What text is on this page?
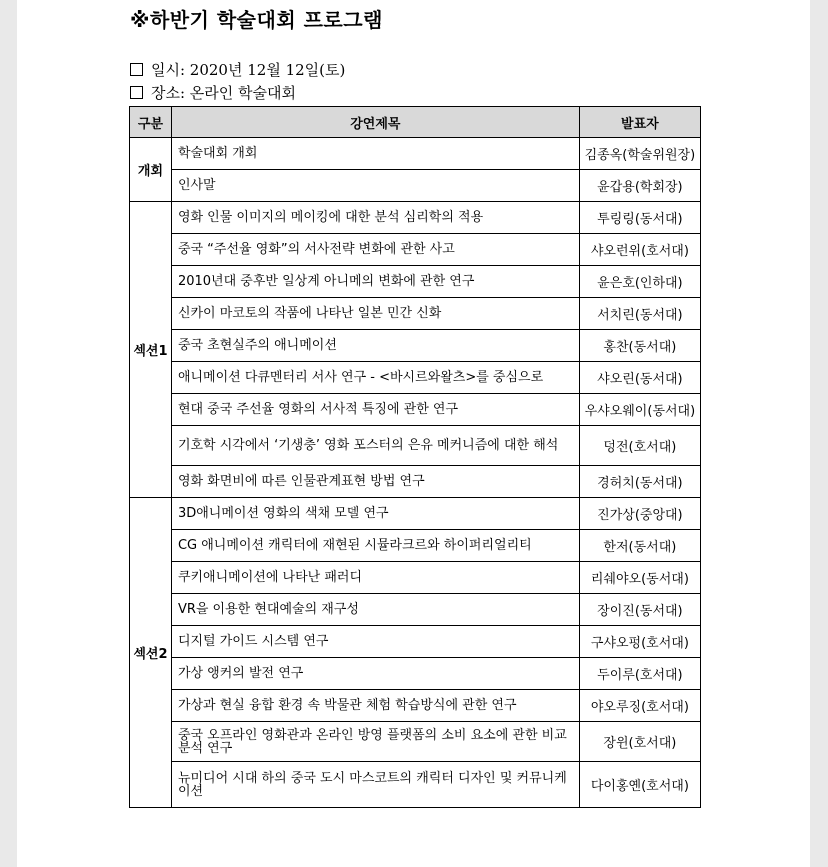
※하반기 학술대회 프로그램
일시: 2020년 12월 12일(토)
장소: 온라인 학술대회
구분	강연제목	발표자
개회	학술대회 개회	김종옥(학술위원장)
	인사말	윤갑용(학회장)
섹션1	영화 인물 이미지의 메이킹에 대한 분석 심리학의 적용	투링링(동서대)
	중국 “주선율 영화”의 서사전략 변화에 관한 사고	샤오런위(호서대)
	2010년대 중후반 일상계 아니메의 변화에 관한 연구	윤은호(인하대)
	신카이 마코토의 작품에 나타난 일본 민간 신화	서치린(동서대)
	중국 초현실주의 애니메이션	홍찬(동서대)
	애니메이션 다큐멘터리 서사 연구 - <바시르와왈츠>를 중심으로	샤오린(동서대)
	현대 중국 주선율 영화의 서사적 특징에 관한 연구	우샤오웨이(동서대)
	기호학 시각에서 ‘기생충’ 영화 포스터의 은유 메커니즘에 대한 해석	덩전(호서대)
	영화 화면비에 따른 인물관계표현 방법 연구	경허치(동서대)
섹션2	3D애니메이션 영화의 색채 모델 연구	진가상(중앙대)
	CG 애니메이션 캐릭터에 재현된 시뮬라크르와 하이퍼리얼리티	한저(동서대)
	쿠키애니메이션에 나타난 패러디	리쉐야오(동서대)
	VR을 이용한 현대예술의 재구성	장이진(동서대)
	디지털 가이드 시스템 연구	구샤오펑(호서대)
	가상 앵커의 발전 연구	두이루(호서대)
	가상과 현실 융합 환경 속 박물관 체험 학습방식에 관한 연구	야오루징(호서대)
	중국 오프라인 영화관과 온라인 방영 플랫폼의 소비 요소에 관한 비교 분석 연구	장윈(호서대)
	뉴미디어 시대 하의 중국 도시 마스코트의 캐릭터 디자인 및 커뮤니케이션	다이홍옌(호서대)
